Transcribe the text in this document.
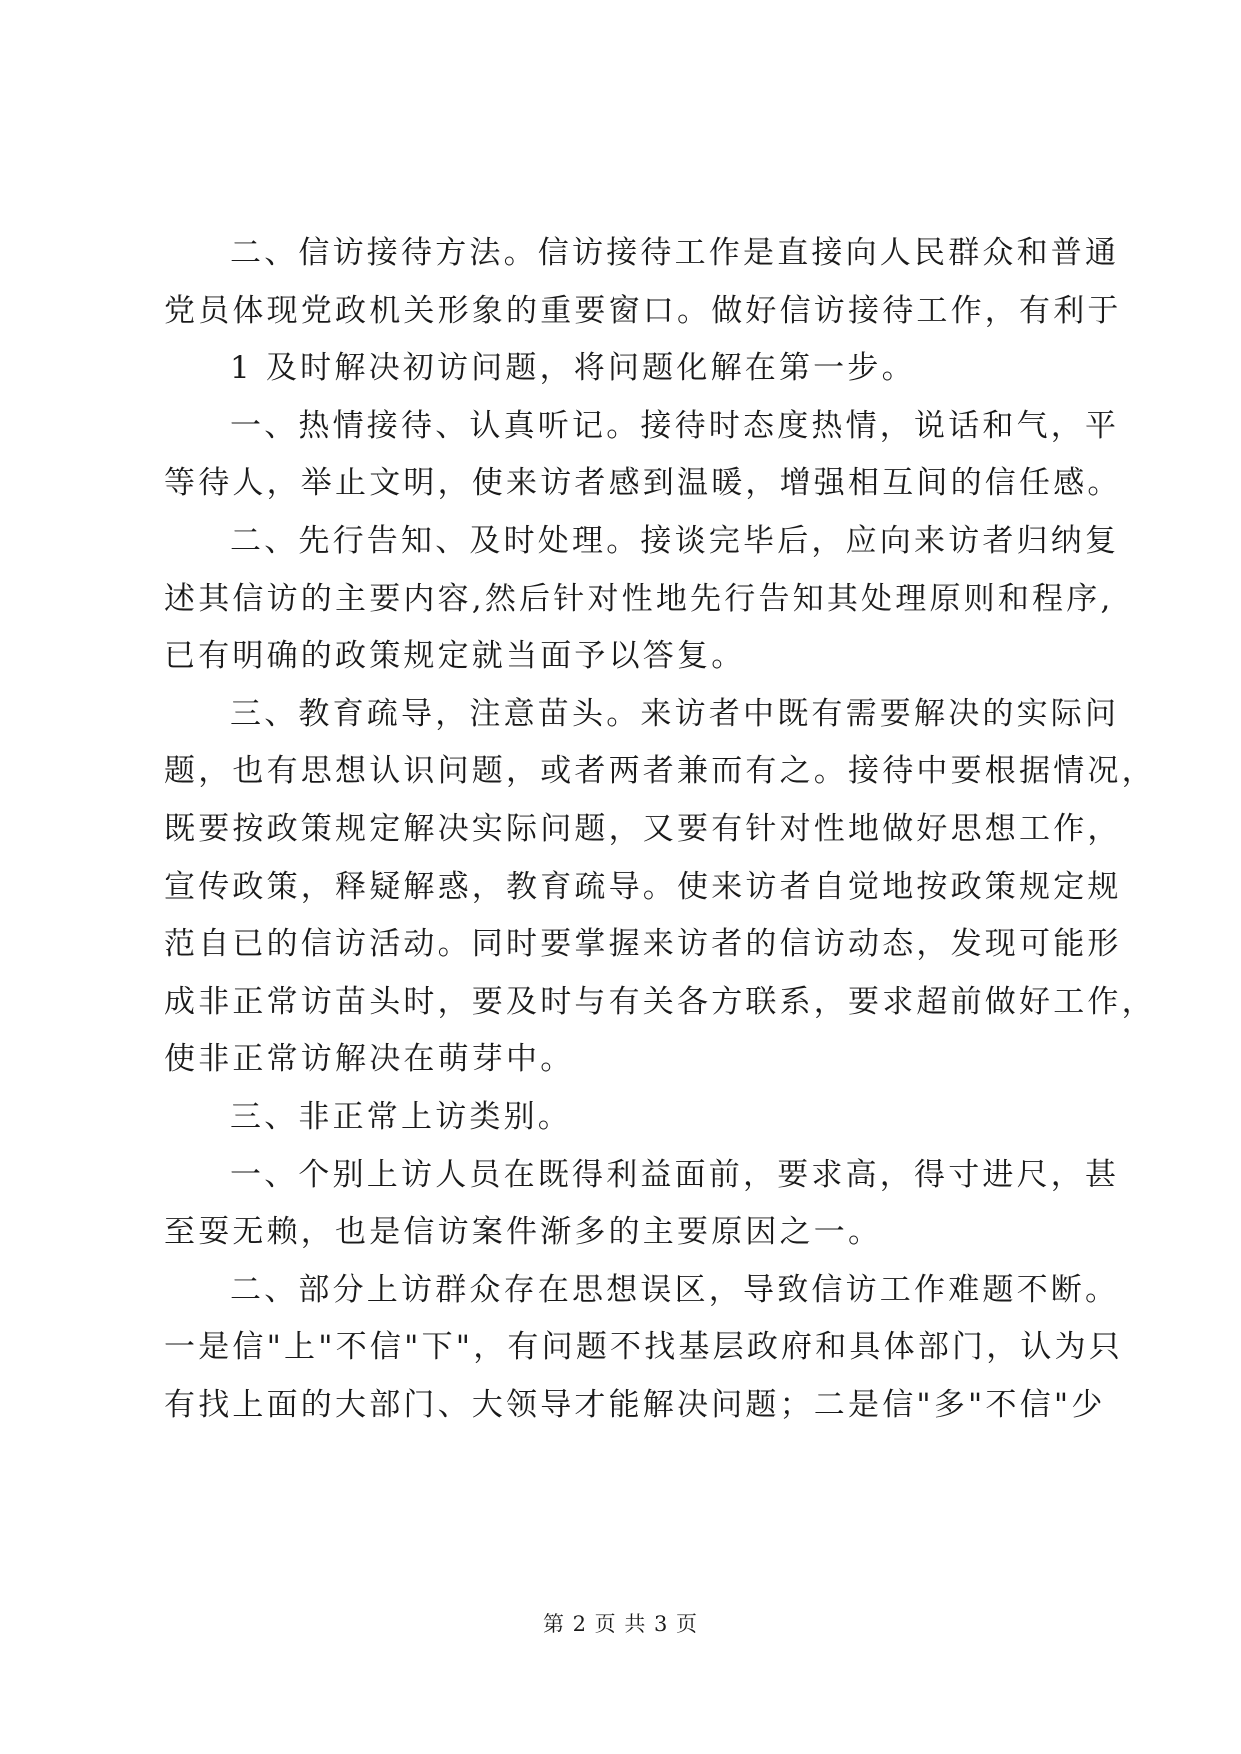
二、信访接待方法。信访接待工作是直接向人民群众和普通
党员体现党政机关形象的重要窗口。做好信访接待工作，有利于
1 及时解决初访问题，将问题化解在第一步。
一、热情接待、认真听记。接待时态度热情，说话和气，平
等待人，举止文明，使来访者感到温暖，增强相互间的信任感。
二、先行告知、及时处理。接谈完毕后，应向来访者归纳复
述其信访的主要内容,然后针对性地先行告知其处理原则和程序,
已有明确的政策规定就当面予以答复。
三、教育疏导，注意苗头。来访者中既有需要解决的实际问
题，也有思想认识问题，或者两者兼而有之。接待中要根据情况，
既要按政策规定解决实际问题，又要有针对性地做好思想工作，
宣传政策，释疑解惑，教育疏导。使来访者自觉地按政策规定规
范自已的信访活动。同时要掌握来访者的信访动态，发现可能形
成非正常访苗头时，要及时与有关各方联系，要求超前做好工作，
使非正常访解决在萌芽中。
三、非正常上访类别。
一、个别上访人员在既得利益面前，要求高，得寸进尺，甚
至耍无赖，也是信访案件渐多的主要原因之一。
二、部分上访群众存在思想误区，导致信访工作难题不断。
一是信"上"不信"下"，有问题不找基层政府和具体部门，认为只
有找上面的大部门、大领导才能解决问题；二是信"多"不信"少
第 2 页 共 3 页
